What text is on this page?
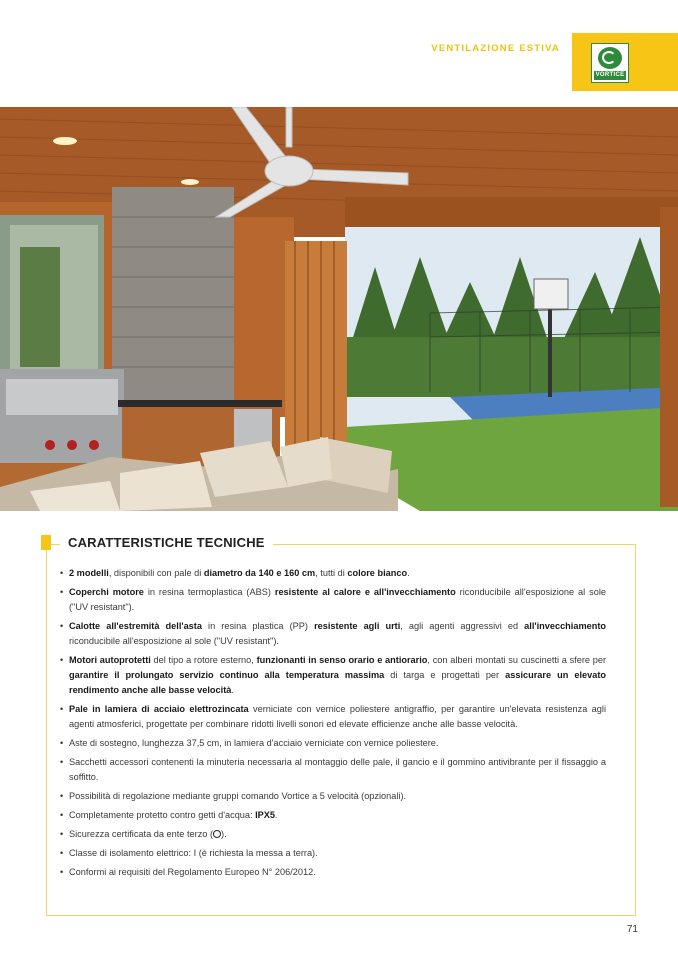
VENTILAZIONE ESTIVA
VORTICE
CARATTERISTICHE TECNICHE
• 2 modelli, disponibili con pale di diametro da 140 e 160 cm, tutti di colore bianco.
• Coperchi motore in resina termoplastica (ABS) resistente al calore e all'invecchiamento riconducibile all'esposizione al sole ("UV resistant").
• Calotte all'estremità dell'asta in resina plastica (PP) resistente agli urti, agli agenti aggressivi ed all'invecchiamento riconducibile all'esposizione al sole ("UV resistant").
• Motori autoprotetti del tipo a rotore esterno, funzionanti in senso orario e antiorario, con alberi montati su cuscinetti a sfere per garantire il prolungato servizio continuo alla temperatura massima di targa e progettati per assicurare un elevato rendimento anche alle basse velocità.
• Pale in lamiera di acciaio elettrozincata verniciate con vernice poliestere antigraffio, per garantire un'elevata resistenza agli agenti atmosferici, progettate per combinare ridotti livelli sonori ed elevate efficienze anche alle basse velocità.
• Aste di sostegno, lunghezza 37,5 cm, in lamiera d'acciaio verniciate con vernice poliestere.
• Sacchetti accessori contenenti la minuteria necessaria al montaggio delle pale, il gancio e il gommino antivibrante per il fissaggio a soffitto.
• Possibilità di regolazione mediante gruppi comando Vortice a 5 velocità (opzionali).
• Completamente protetto contro getti d'acqua: IPX5.
• Sicurezza certificata da ente terzo ( ).
• Classe di isolamento elettrico: I (è richiesta la messa a terra).
• Conformi ai requisiti del Regolamento Europeo N° 206/2012.
71
